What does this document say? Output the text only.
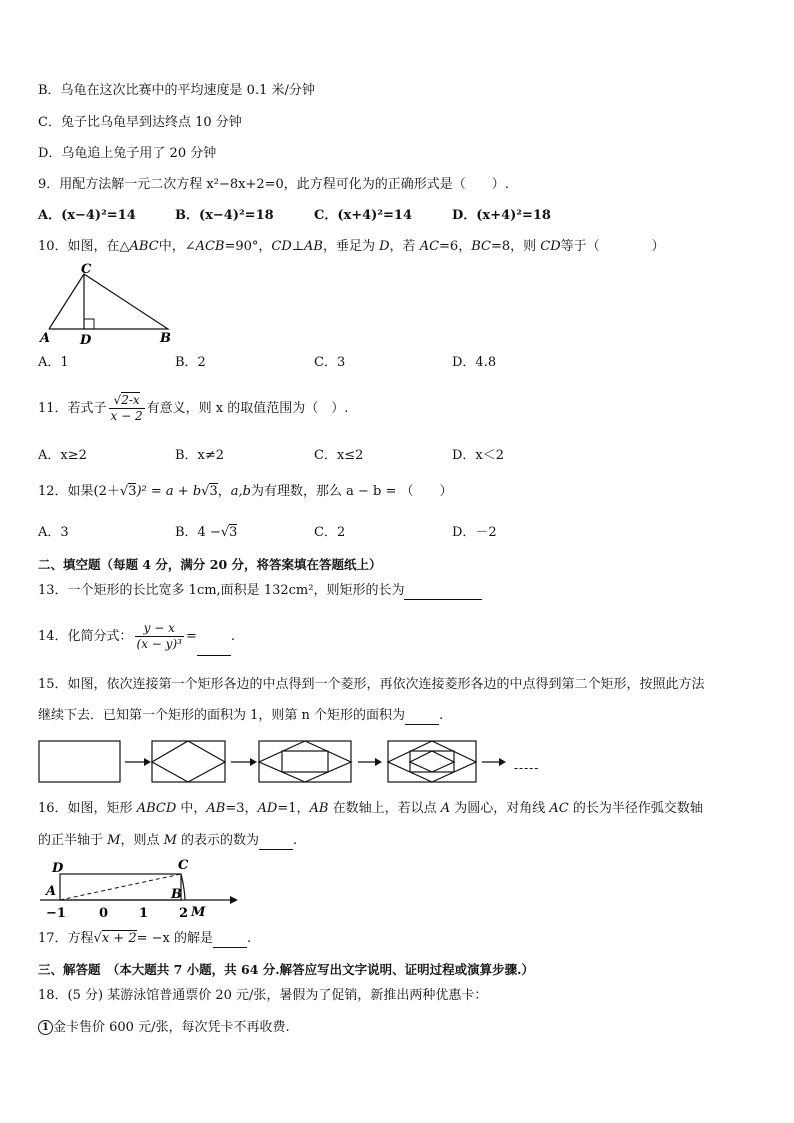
B．乌龟在这次比赛中的平均速度是 0.1 米/分钟
C．兔子比乌龟早到达终点 10 分钟
D．乌龟追上兔子用了 20 分钟
9．用配方法解一元二次方程 x²−8x+2=0，此方程可化为的正确形式是（　　）.
A．(x−4)²=14	B．(x−4)²=18	C．(x+4)²=14	D．(x+4)²=18
10．如图，在△ABC中，∠ACB=90°，CD⊥AB，垂足为 D，若 AC=6，BC=8，则 CD等于（　　　　）
C
A D	B
A．1	B．2	C．3	D．4.8
11．若式子 $\frac{√2-x}{x - 2}$ 有意义，则 x 的取值范围为（　）.
A．x≥2	B．x≠2	C．x≤2	D．x＜2
12．如果(2＋√3)² = a + b√3，a,b为有理数，那么 a − b = （　　）
A．3	B．4 −√3	C．2	D．－2
二、填空题（每题 4 分，满分 20 分，将答案填在答题纸上）
13．一个矩形的长比宽多 1cm,面积是 132cm²，则矩形的长为
14．化简分式： $\frac{y - x}{\text{(x − y)³}}$ =	.
15．如图，依次连接第一个矩形各边的中点得到一个菱形，再依次连接菱形各边的中点得到第二个矩形，按照此方法
继续下去．已知第一个矩形的面积为 1，则第 n 个矩形的面积为	.
-----
16．如图，矩形 ABCD 中，AB=3，AD=1，AB 在数轴上，若以点 A 为圆心，对角线 AC 的长为半径作弧交数轴
的正半轴于 M，则点 M 的表示的数为	.
D	C
A	B
M
−1	0 1 2
17．方程√x + 2= −x 的解是	.
三、解答题　（本大题共 7 小题，共 64 分.解答应写出文字说明、证明过程或演算步骤.）
18．(5 分) 某游泳馆普通票价 20 元/张，暑假为了促销，新推出两种优惠卡：
1 金卡售价 600 元/张，每次凭卡不再收费.
